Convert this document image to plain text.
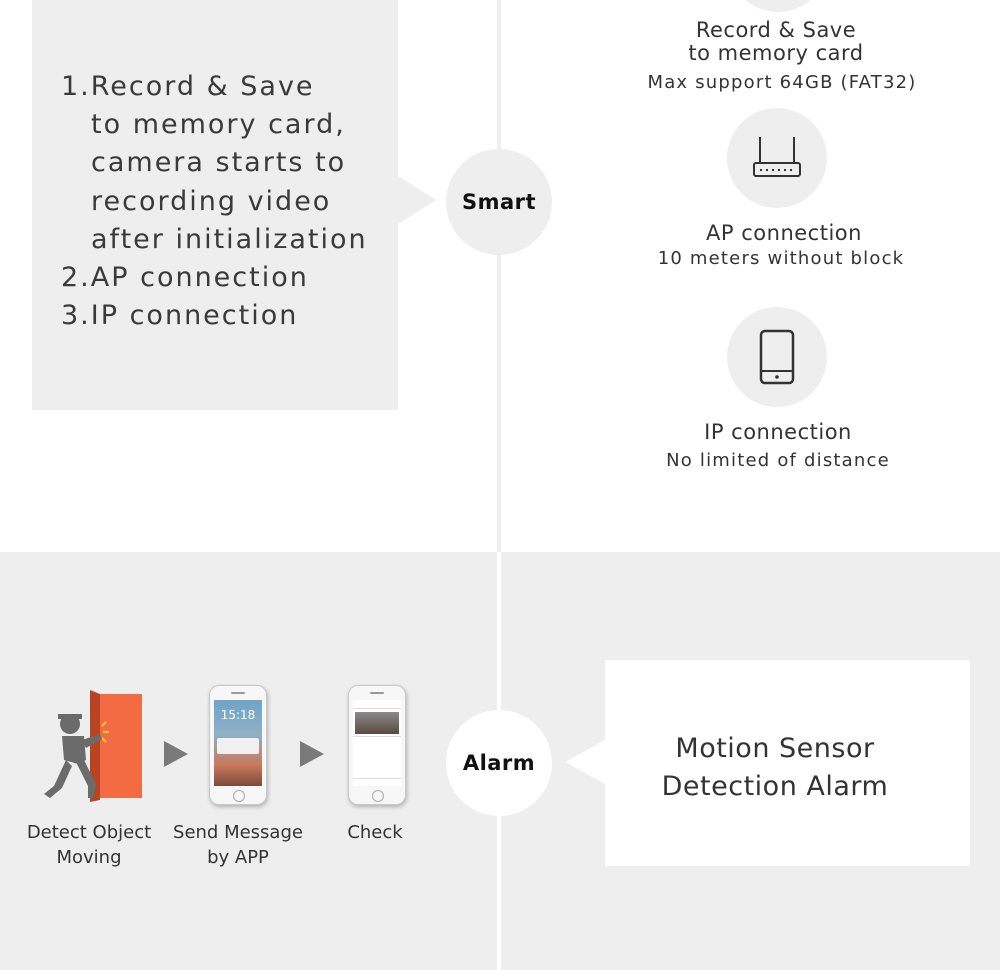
1.Record & Save
to memory card,
camera starts to
recording video
after initialization
2.AP connection
3.IP connection
Smart
Record & Save
to memory card
Max support 64GB (FAT32)
AP connection
10 meters without block
IP connection
No limited of distance
Detect Object
Moving
15:18
Send Message
by APP
Check
Alarm	Motion Sensor
Detection Alarm
